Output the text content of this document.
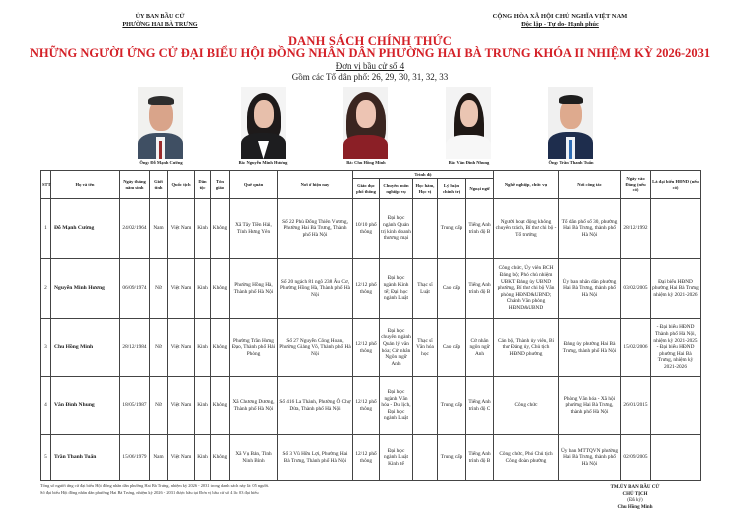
ỦY BAN BẦU CỬ
PHƯỜNG HAI BÀ TRƯNG
CỘNG HÒA XÃ HỘI CHỦ NGHĨA VIỆT NAM
Độc lập - Tự do- Hạnh phúc
DANH SÁCH CHÍNH THỨC
NHỮNG NGƯỜI ỨNG CỬ ĐẠI BIỂU HỘI ĐỒNG NHÂN DÂN PHƯỜNG HAI BÀ TRƯNG KHÓA II NHIỆM KỲ 2026-2031
Đơn vị bầu cử số 4
Gồm các Tổ dân phố: 26, 29, 30, 31, 32, 33
Ông: Đỗ Mạnh Cường	Bà: Nguyễn Minh Hương	Bà: Chu Hồng Minh	Bà: Văn Đình Nhung	Ông: Trần Thanh Tuấn
STT	Họ và tên	Ngày tháng năm sinh	Giới tính	Quốc tịch	Dân tộc	Tôn giáo	Quê quán	Nơi ở hiện nay	Trình độ					Nghề nghiệp, chức vụ	Nơi công tác	Ngày vào Đảng (nếu có)	Là đại biểu HĐND (nếu có)
									Giáo dục phổ thông	Chuyên môn nghiệp vụ	Học hàm, Học vị	Lý luận chính trị	Ngoại ngữ				
1	Đỗ Mạnh Cường	24/02/1964	Nam	Việt Nam	Kinh	Không	Xã Tây Tiền Hải, Tỉnh Hưng Yên	Số 22 Phù Đổng Thiên Vương, Phường Hai Bà Trưng, Thành phố Hà Nội	10/10 phổ thông	Đại học ngành Quản trị kinh doanh thương mại		Trung cấp	Tiếng Anh trình độ B	Người hoạt động không chuyên trách, Bí thư chi bộ - Tổ trưởng	Tổ dân phố số 30, phường Hai Bà Trưng, thành phố Hà Nội	28/12/1992	
2	Nguyễn Minh Hương	06/09/1974	Nữ	Việt Nam	Kinh	Không	Phường Hồng Hà, Thành phố Hà Nội	Số 20 ngách 81 ngõ 238 Âu Cơ, Phường Hồng Hà, Thành phố Hà Nội	12/12 phổ thông	Đại học ngành Kinh tế; Đại học ngành Luật	Thạc sĩ Luật	Cao cấp	Tiếng Anh trình độ B	Công chức, Ủy viên BCH Đảng bộ; Phó chủ nhiệm UBKT Đảng ủy UBND phường, Bí thư chi bộ Văn phòng HĐND&UBND; Chánh Văn phòng HĐND&UBND	Ủy ban nhân dân phường Hai Bà Trưng, thành phố Hà Nội	03/02/2005	Đại biểu HĐND phường Hai Bà Trưng nhiệm kỳ 2021-2026
3	Chu Hồng Minh	28/12/1984	Nữ	Việt Nam	Kinh	Không	Phường Trần Hưng Đạo, Thành phố Hải Phòng	Số 27 Nguyễn Công Hoan, Phường Giảng Võ, Thành phố Hà Nội	12/12 phổ thông	Đại học chuyên ngành Quản lý văn hóa; Cử nhân Ngôn ngữ Anh	Thạc sĩ Văn hóa học	Cao cấp	Cử nhân ngôn ngữ Anh	Cán bộ, Thành ủy viên, Bí thư Đảng ủy, Chủ tịch HĐND phường	Đảng ủy phường Hai Bà Trưng, thành phố Hà Nội	15/02/2006	- Đại biểu HĐND Thành phố Hà Nội, nhiệm kỳ 2021-2025
- Đại biểu HĐND phường Hai Bà Trưng, nhiệm kỳ 2021-2026

4	Văn Đình Nhung	18/05/1987	Nữ	Việt Nam	Kinh	Không	Xã Chương Dương, Thành phố Hà Nội	Số 416 La Thành, Phường Ô Chợ Dừa, Thành phố Hà Nội	12/12 phổ thông	Đại học ngành Văn hóa - Du lịch, Đại học ngành Luật		Trung cấp	Tiếng Anh trình độ C	Công chức	Phòng Văn hóa - Xã hội phường Hai Bà Trưng, thành phố Hà Nội	26/01/2015	
5	Trần Thanh Tuấn	15/06/1979	Nam	Việt Nam	Kinh	Không	Xã Vụ Bản, Tỉnh Ninh Bình	Số 3 Vũ Hữu Lợi, Phường Hai Bà Trưng, Thành phố Hà Nội	12/12 phổ thông	Đại học ngành Luật Kinh tế		Trung cấp	Tiếng Anh trình độ B	Công chức, Phó Chủ tịch Công đoàn phường	Ủy ban MTTQVN phường Hai Bà Trưng, thành phố Hà Nội	02/09/2005	
Tổng số người ứng cử đại biểu Hội đồng nhân dân phường Hai Bà Trưng, nhiệm kỳ 2026 - 2031 trong danh sách này là: 05 người.
Số đại biểu Hội đồng nhân dân phường Hai Bà Trưng, nhiệm kỳ 2026 - 2031 được bầu tại Đơn vị bầu cử số 4 là: 03 đại biểu
TM.ỦY BAN BẦU CỬ
CHỦ TỊCH
(Đã ký)
Chu Hồng Minh
